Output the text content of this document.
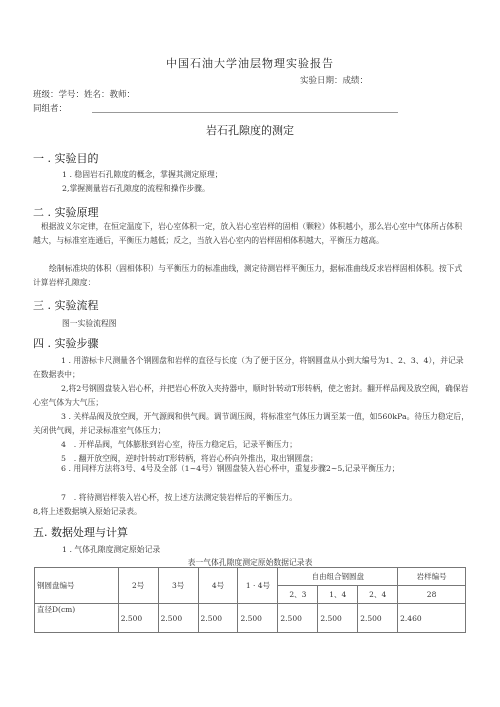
中国石油大学油层物理实验报告
实验日期：成绩：
班级：学号：姓名：教师：
同组者：
岩石孔隙度的测定
一 . 实验目的
1 . 稳固岩石孔隙度的概念，掌握其测定原理；
2,掌握测量岩石孔隙度的流程和操作步骤。
二 . 实验原理
根据波义尔定律，在恒定温度下，岩心室体积一定，放入岩心室岩样的固相（颗粒）体积越小，那么岩心室中气体所占体积越大，与标准室连通后，平衡压力越低；反之，当放入岩心室内的岩样固相体积越大，平衡压力越高。
绘制标准块的体积（固相体积）与平衡压力的标准曲线，测定待测岩样平衡压力，据标准曲线反求岩样固相体积。按下式计算岩样孔隙度：
三 . 实验流程
图一实验流程图
四 . 实验步骤
1 . 用游标卡尺测量各个钢圆盘和岩样的直径与长度（为了便于区分，将钢圆盘从小到大编号为1、2、3、4），并记录在数据表中；
2,将2号钢圆盘装入岩心杯，并把岩心杯放入夹持器中，顺时针转动T形转柄，使之密封。翻开样品阀及放空阀，确保岩心室气体为大气压；
3 . 关样品阀及放空阀，开气源阀和供气阀。调节调压阀，将标准室气体压力调至某一值，如560kPa。待压力稳定后，关闭供气阀，并记录标准室气体压力；
4　. 开样品阀，气体膨胀到岩心室，待压力稳定后，记录平衡压力；
5　. 翻开放空阀，逆时针转动T形转柄，将岩心杯向外推出，取出钢圆盘；
6 . 用同样方法将3号、4号及全部（1~4号）钢圆盘装入岩心杯中，重复步骤2~5,记录平衡压力；
7　. 将待测岩样装入岩心杯，按上述方法测定装岩样后的平衡压力。
8,将上述数据填入原始记录表。
五. 数据处理与计算
1 . 气体孔隙度测定原始记录
表一气体孔隙度测定原始数据记录表
钢圆盘编号	2号	3号	4号	1 · 4号	自由组合钢圆盘			岩样编号
					2、3	1、4	2、4	28
直径D(cm)	2.500	2.500	2.500	2.500	2.500	2.500	2.500	2.460
